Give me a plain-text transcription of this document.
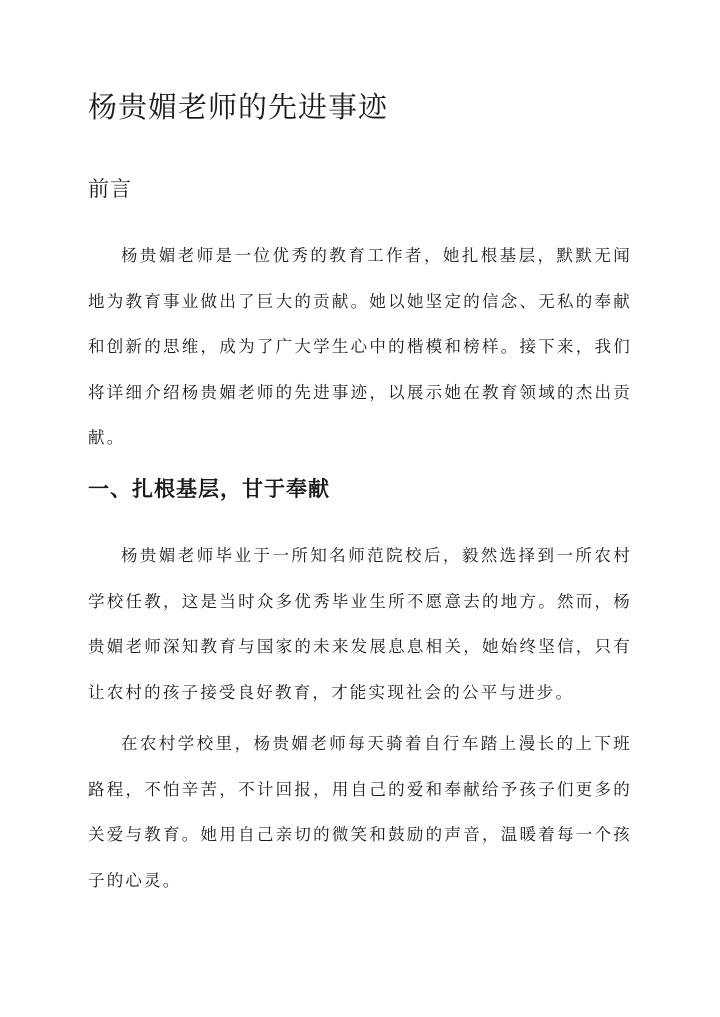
杨贵媚老师的先进事迹
前言

杨贵媚老师是一位优秀的教育工作者，她扎根基层，默默无闻地为教育事业做出了巨大的贡献。她以她坚定的信念、无私的奉献和创新的思维，成为了广大学生心中的楷模和榜样。接下来，我们将详细介绍杨贵媚老师的先进事迹，以展示她在教育领域的杰出贡献。

一、扎根基层，甘于奉献

杨贵媚老师毕业于一所知名师范院校后，毅然选择到一所农村学校任教，这是当时众多优秀毕业生所不愿意去的地方。然而，杨贵媚老师深知教育与国家的未来发展息息相关，她始终坚信，只有让农村的孩子接受良好教育，才能实现社会的公平与进步。

在农村学校里，杨贵媚老师每天骑着自行车踏上漫长的上下班路程，不怕辛苦，不计回报，用自己的爱和奉献给予孩子们更多的关爱与教育。她用自己亲切的微笑和鼓励的声音，温暖着每一个孩子的心灵。
